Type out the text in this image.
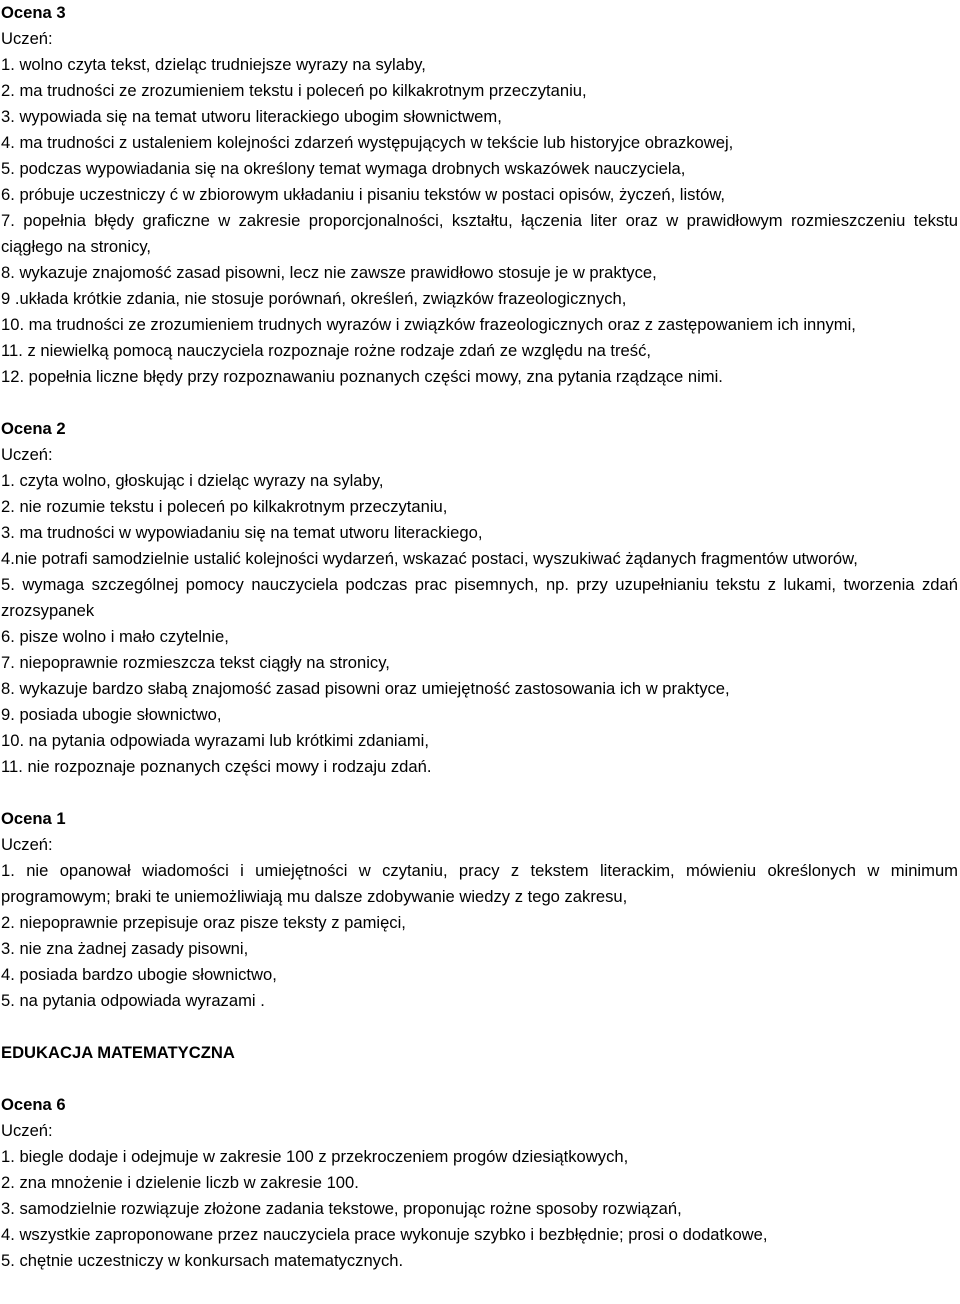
Ocena 3
Uczeń:
1. wolno czyta tekst, dzieląc trudniejsze wyrazy na sylaby,
2. ma trudności ze zrozumieniem tekstu i poleceń po kilkakrotnym przeczytaniu,
3. wypowiada się na temat utworu literackiego ubogim słownictwem,
4. ma trudności z ustaleniem kolejności zdarzeń występujących w tekście lub historyjce obrazkowej,
5. podczas wypowiadania się na określony temat wymaga drobnych wskazówek nauczyciela,
6. próbuje uczestniczy ć w zbiorowym układaniu i pisaniu tekstów w postaci opisów, życzeń, listów,
7. popełnia błędy graficzne w zakresie proporcjonalności, kształtu, łączenia liter oraz w prawidłowym rozmieszczeniu tekstu ciągłego na stronicy,
8. wykazuje znajomość zasad pisowni, lecz nie zawsze prawidłowo stosuje je w praktyce,
9 .układa krótkie zdania, nie stosuje porównań, określeń, związków frazeologicznych,
10. ma trudności ze zrozumieniem trudnych wyrazów i związków frazeologicznych oraz z zastępowaniem ich innymi,
11. z niewielką pomocą nauczyciela rozpoznaje rożne rodzaje zdań ze względu na treść,
12. popełnia liczne błędy przy rozpoznawaniu poznanych części mowy, zna pytania rządzące nimi.
Ocena 2
Uczeń:
1. czyta wolno, głoskując i dzieląc wyrazy na sylaby,
2. nie rozumie tekstu i poleceń po kilkakrotnym przeczytaniu,
3. ma trudności w wypowiadaniu się na temat utworu literackiego,
4.nie potrafi samodzielnie ustalić kolejności wydarzeń, wskazać postaci, wyszukiwać żądanych fragmentów utworów,
5. wymaga szczególnej pomocy nauczyciela podczas prac pisemnych, np. przy uzupełnianiu tekstu z lukami, tworzenia zdań zrozsypanek
6. pisze wolno i mało czytelnie,
7. niepoprawnie rozmieszcza tekst ciągły na stronicy,
8. wykazuje bardzo słabą znajomość zasad pisowni oraz umiejętność zastosowania ich w praktyce,
9. posiada ubogie słownictwo,
10. na pytania odpowiada wyrazami lub krótkimi zdaniami,
11. nie rozpoznaje poznanych części mowy i rodzaju zdań.
Ocena 1
Uczeń:
1. nie opanował wiadomości i umiejętności w czytaniu, pracy z tekstem literackim, mówieniu określonych w minimum programowym; braki te uniemożliwiają mu dalsze zdobywanie wiedzy z tego zakresu,
2. niepoprawnie przepisuje oraz pisze teksty z pamięci,
3. nie zna żadnej zasady pisowni,
4. posiada bardzo ubogie słownictwo,
5. na pytania odpowiada wyrazami .
EDUKACJA MATEMATYCZNA
Ocena 6
Uczeń:
1. biegle dodaje i odejmuje w zakresie 100 z przekroczeniem progów dziesiątkowych,
2. zna mnożenie i dzielenie liczb w zakresie 100.
3. samodzielnie rozwiązuje złożone zadania tekstowe, proponując rożne sposoby rozwiązań,
4. wszystkie zaproponowane przez nauczyciela prace wykonuje szybko i bezbłędnie; prosi o dodatkowe,
5. chętnie uczestniczy w konkursach matematycznych.
